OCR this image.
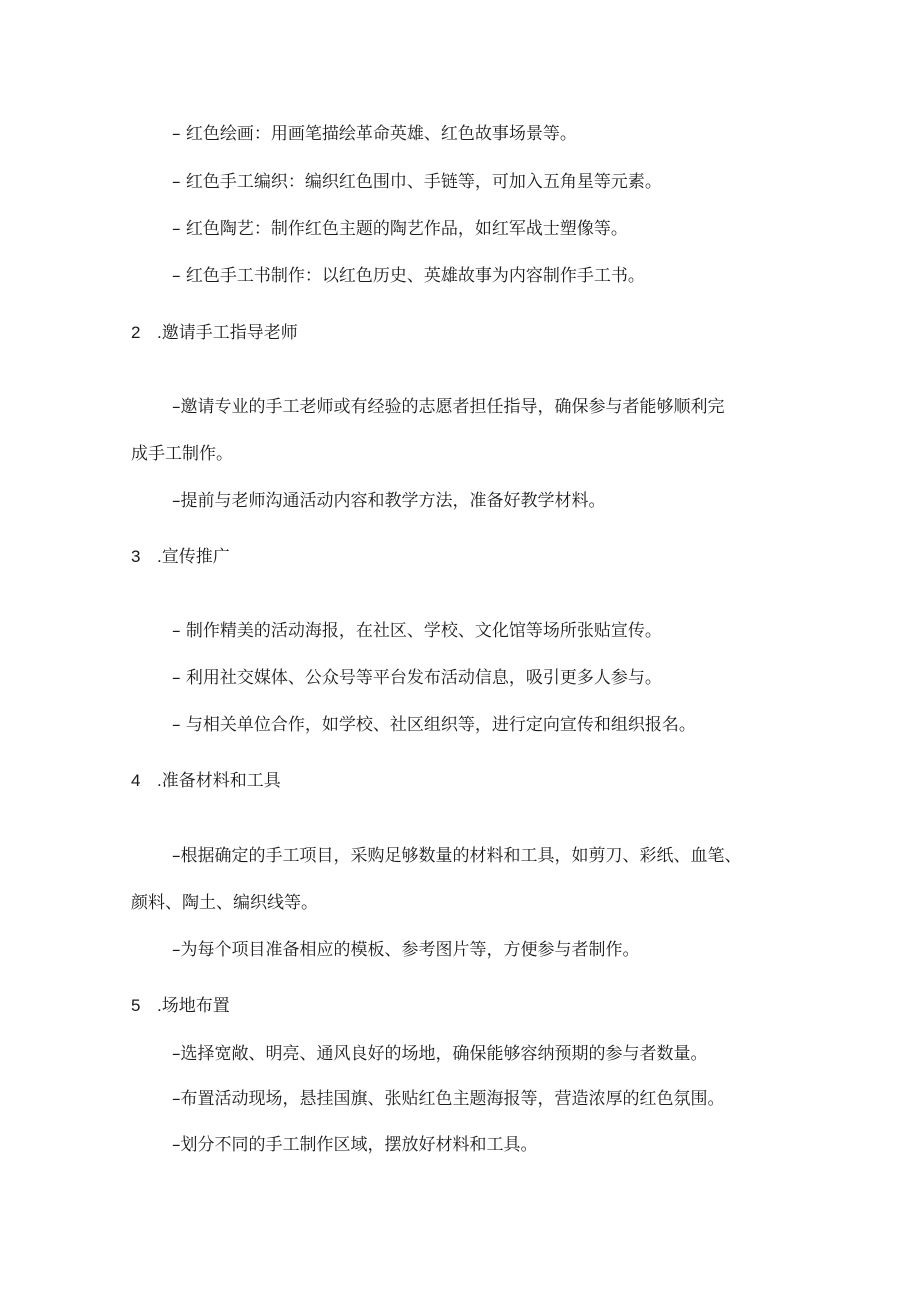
– 红色绘画：用画笔描绘革命英雄、红色故事场景等。
– 红色手工编织：编织红色围巾、手链等，可加入五角星等元素。
– 红色陶艺：制作红色主题的陶艺作品，如红军战士塑像等。
– 红色手工书制作：以红色历史、英雄故事为内容制作手工书。
2 .邀请手工指导老师
–邀请专业的手工老师或有经验的志愿者担任指导，确保参与者能够顺利完
成手工制作。
–提前与老师沟通活动内容和教学方法，准备好教学材料。
3 .宣传推广
– 制作精美的活动海报，在社区、学校、文化馆等场所张贴宣传。
– 利用社交媒体、公众号等平台发布活动信息，吸引更多人参与。
– 与相关单位合作，如学校、社区组织等，进行定向宣传和组织报名。
4 .准备材料和工具
–根据确定的手工项目，采购足够数量的材料和工具，如剪刀、彩纸、血笔、
颜料、陶土、编织线等。
–为每个项目准备相应的模板、参考图片等，方便参与者制作。
5 .场地布置
–选择宽敞、明亮、通风良好的场地，确保能够容纳预期的参与者数量。
–布置活动现场，悬挂国旗、张贴红色主题海报等，营造浓厚的红色氛围。
–划分不同的手工制作区域，摆放好材料和工具。
